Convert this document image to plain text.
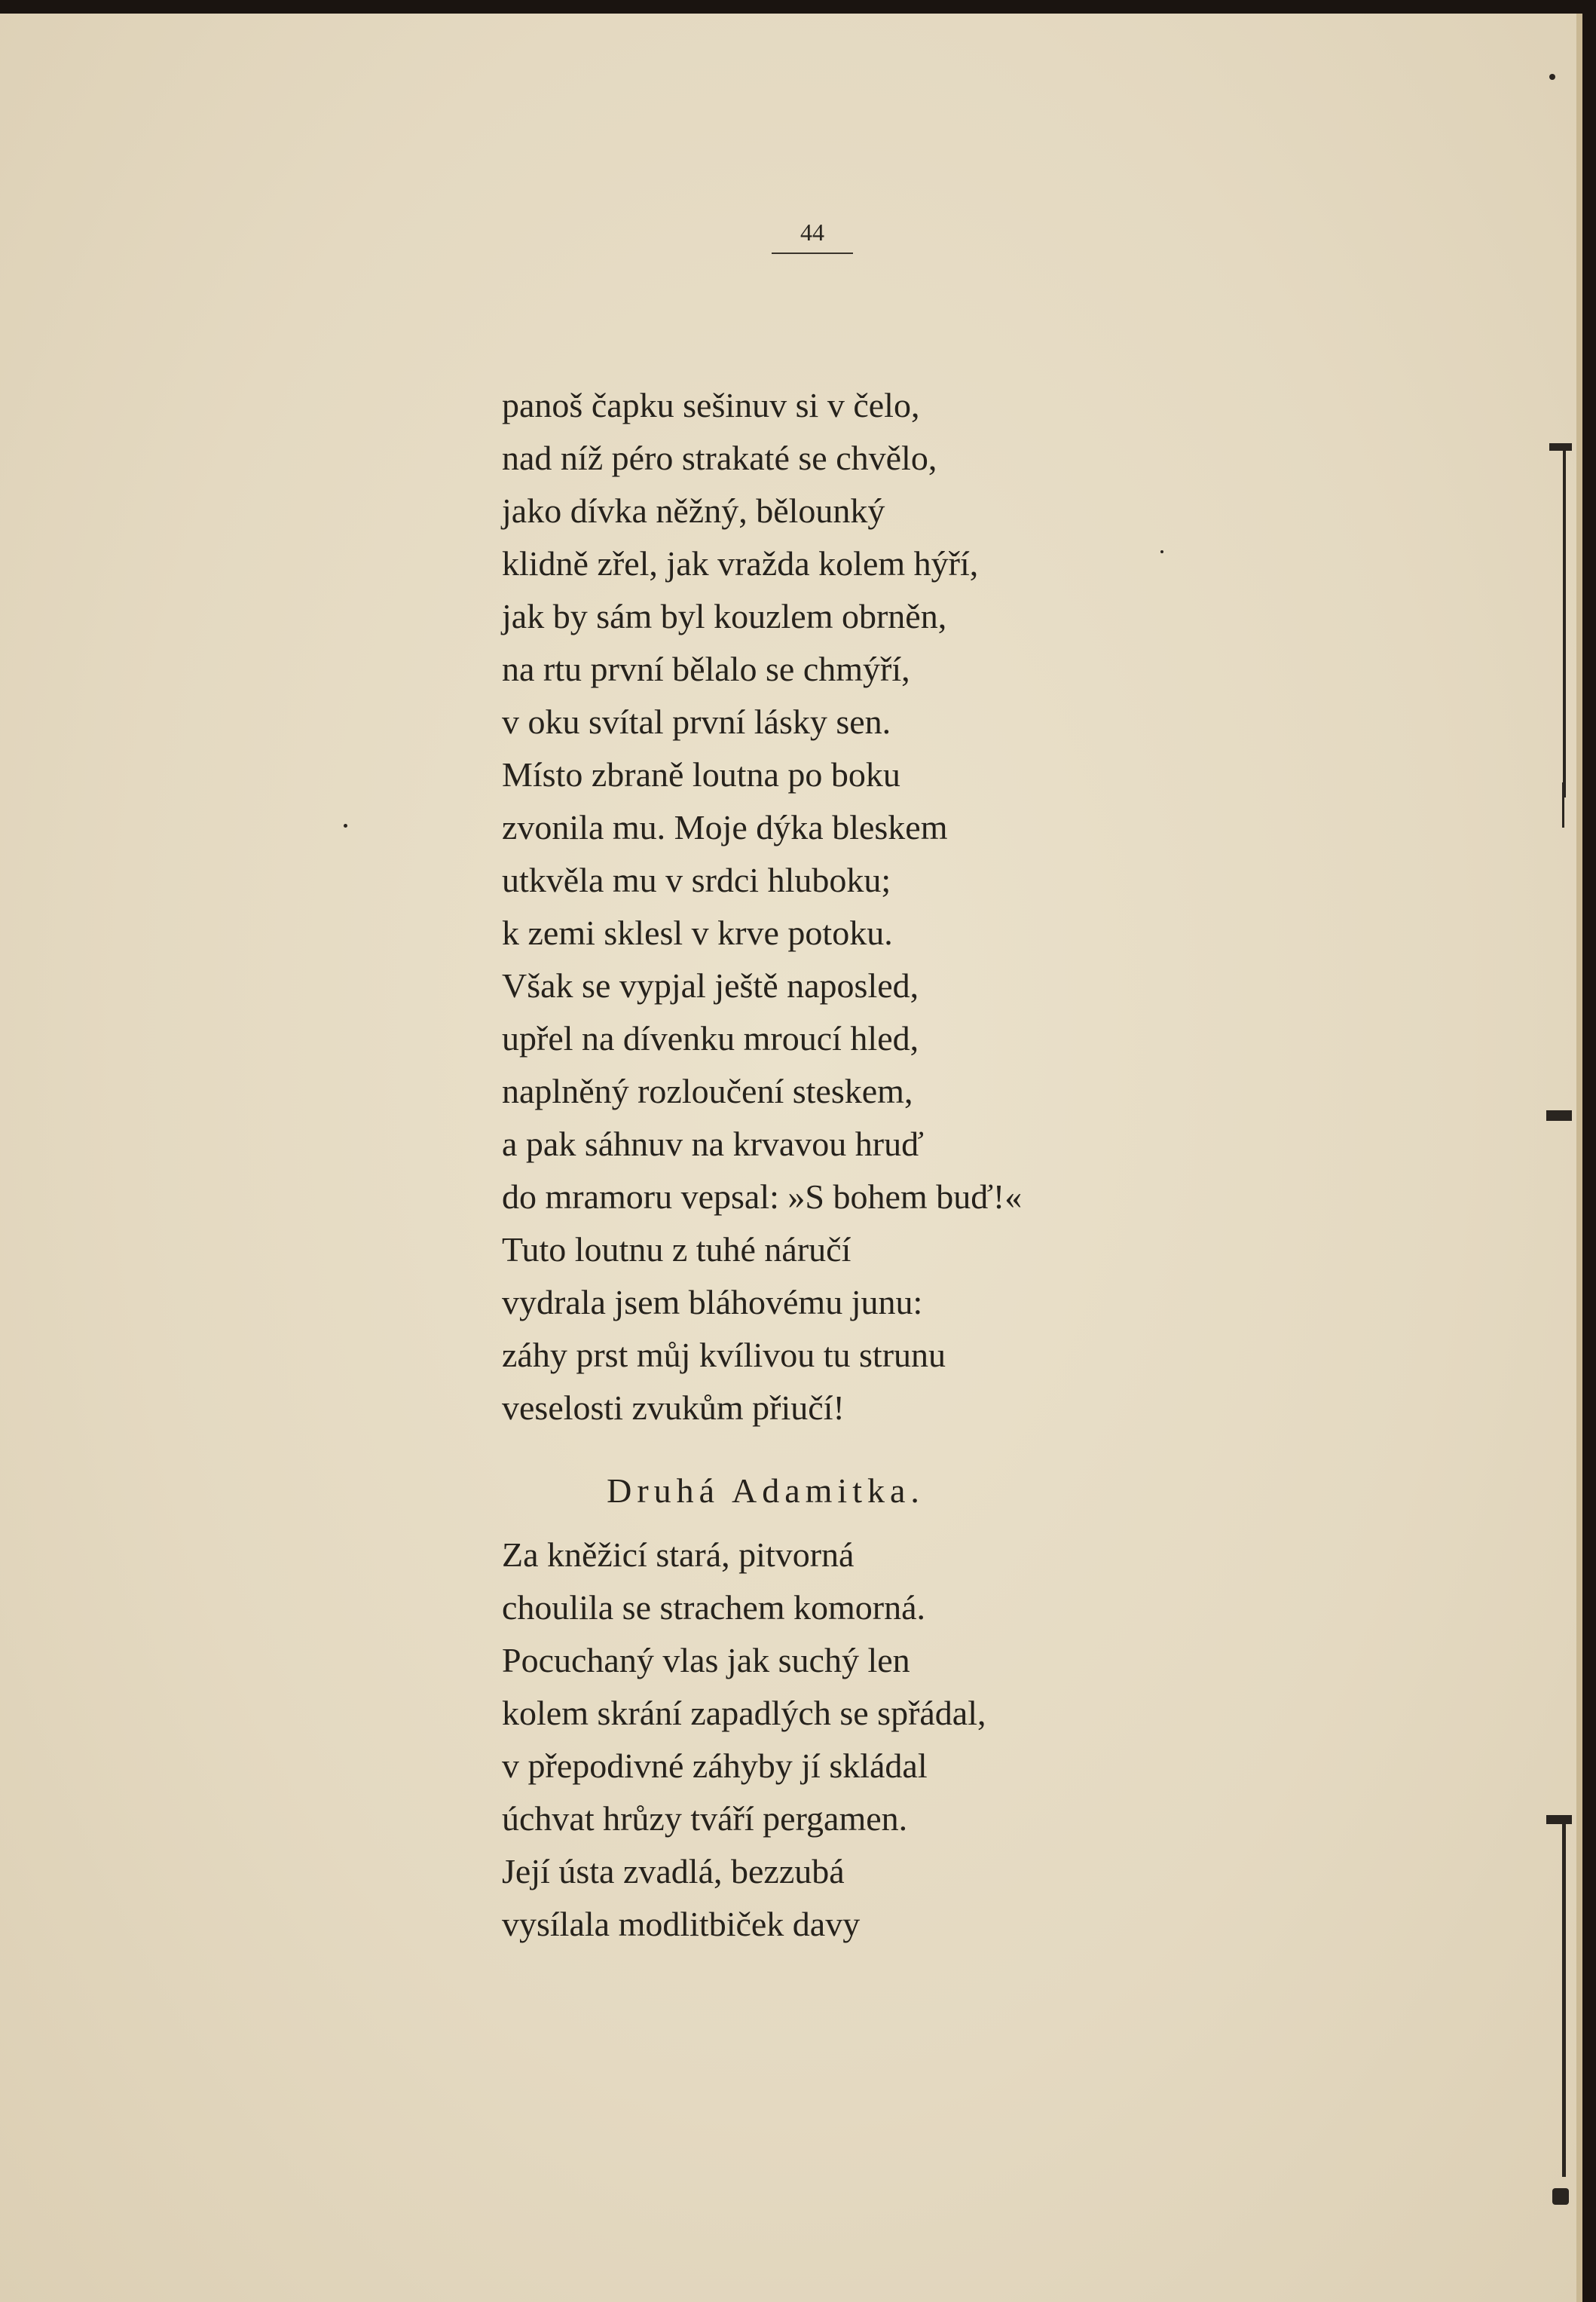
44
panoš čapku sešinuv si v čelo,
nad níž péro strakaté se chvělo,
jako dívka něžný, bělounký
klidně zřel, jak vražda kolem hýří,
jak by sám byl kouzlem obrněn,
na rtu první bělalo se chmýří,
v oku svítal první lásky sen.
Místo zbraně loutna po boku
zvonila mu. Moje dýka bleskem
utkvěla mu v srdci hluboku;
k zemi sklesl v krve potoku.
Však se vypjal ještě naposled,
upřel na dívenku mroucí hled,
naplněný rozloučení steskem,
a pak sáhnuv na krvavou hruď
do mramoru vepsal: »S bohem buď!«
Tuto loutnu z tuhé náručí
vydrala jsem bláhovému junu:
záhy prst můj kvílivou tu strunu
veselosti zvukům přiučí!
Druhá Adamitka.
Za kněžicí stará, pitvorná
choulila se strachem komorná.
Pocuchaný vlas jak suchý len
kolem skrání zapadlých se spřádal,
v přepodivné záhyby jí skládal
úchvat hrůzy tváří pergamen.
Její ústa zvadlá, bezzubá
vysílala modlitbiček davy
